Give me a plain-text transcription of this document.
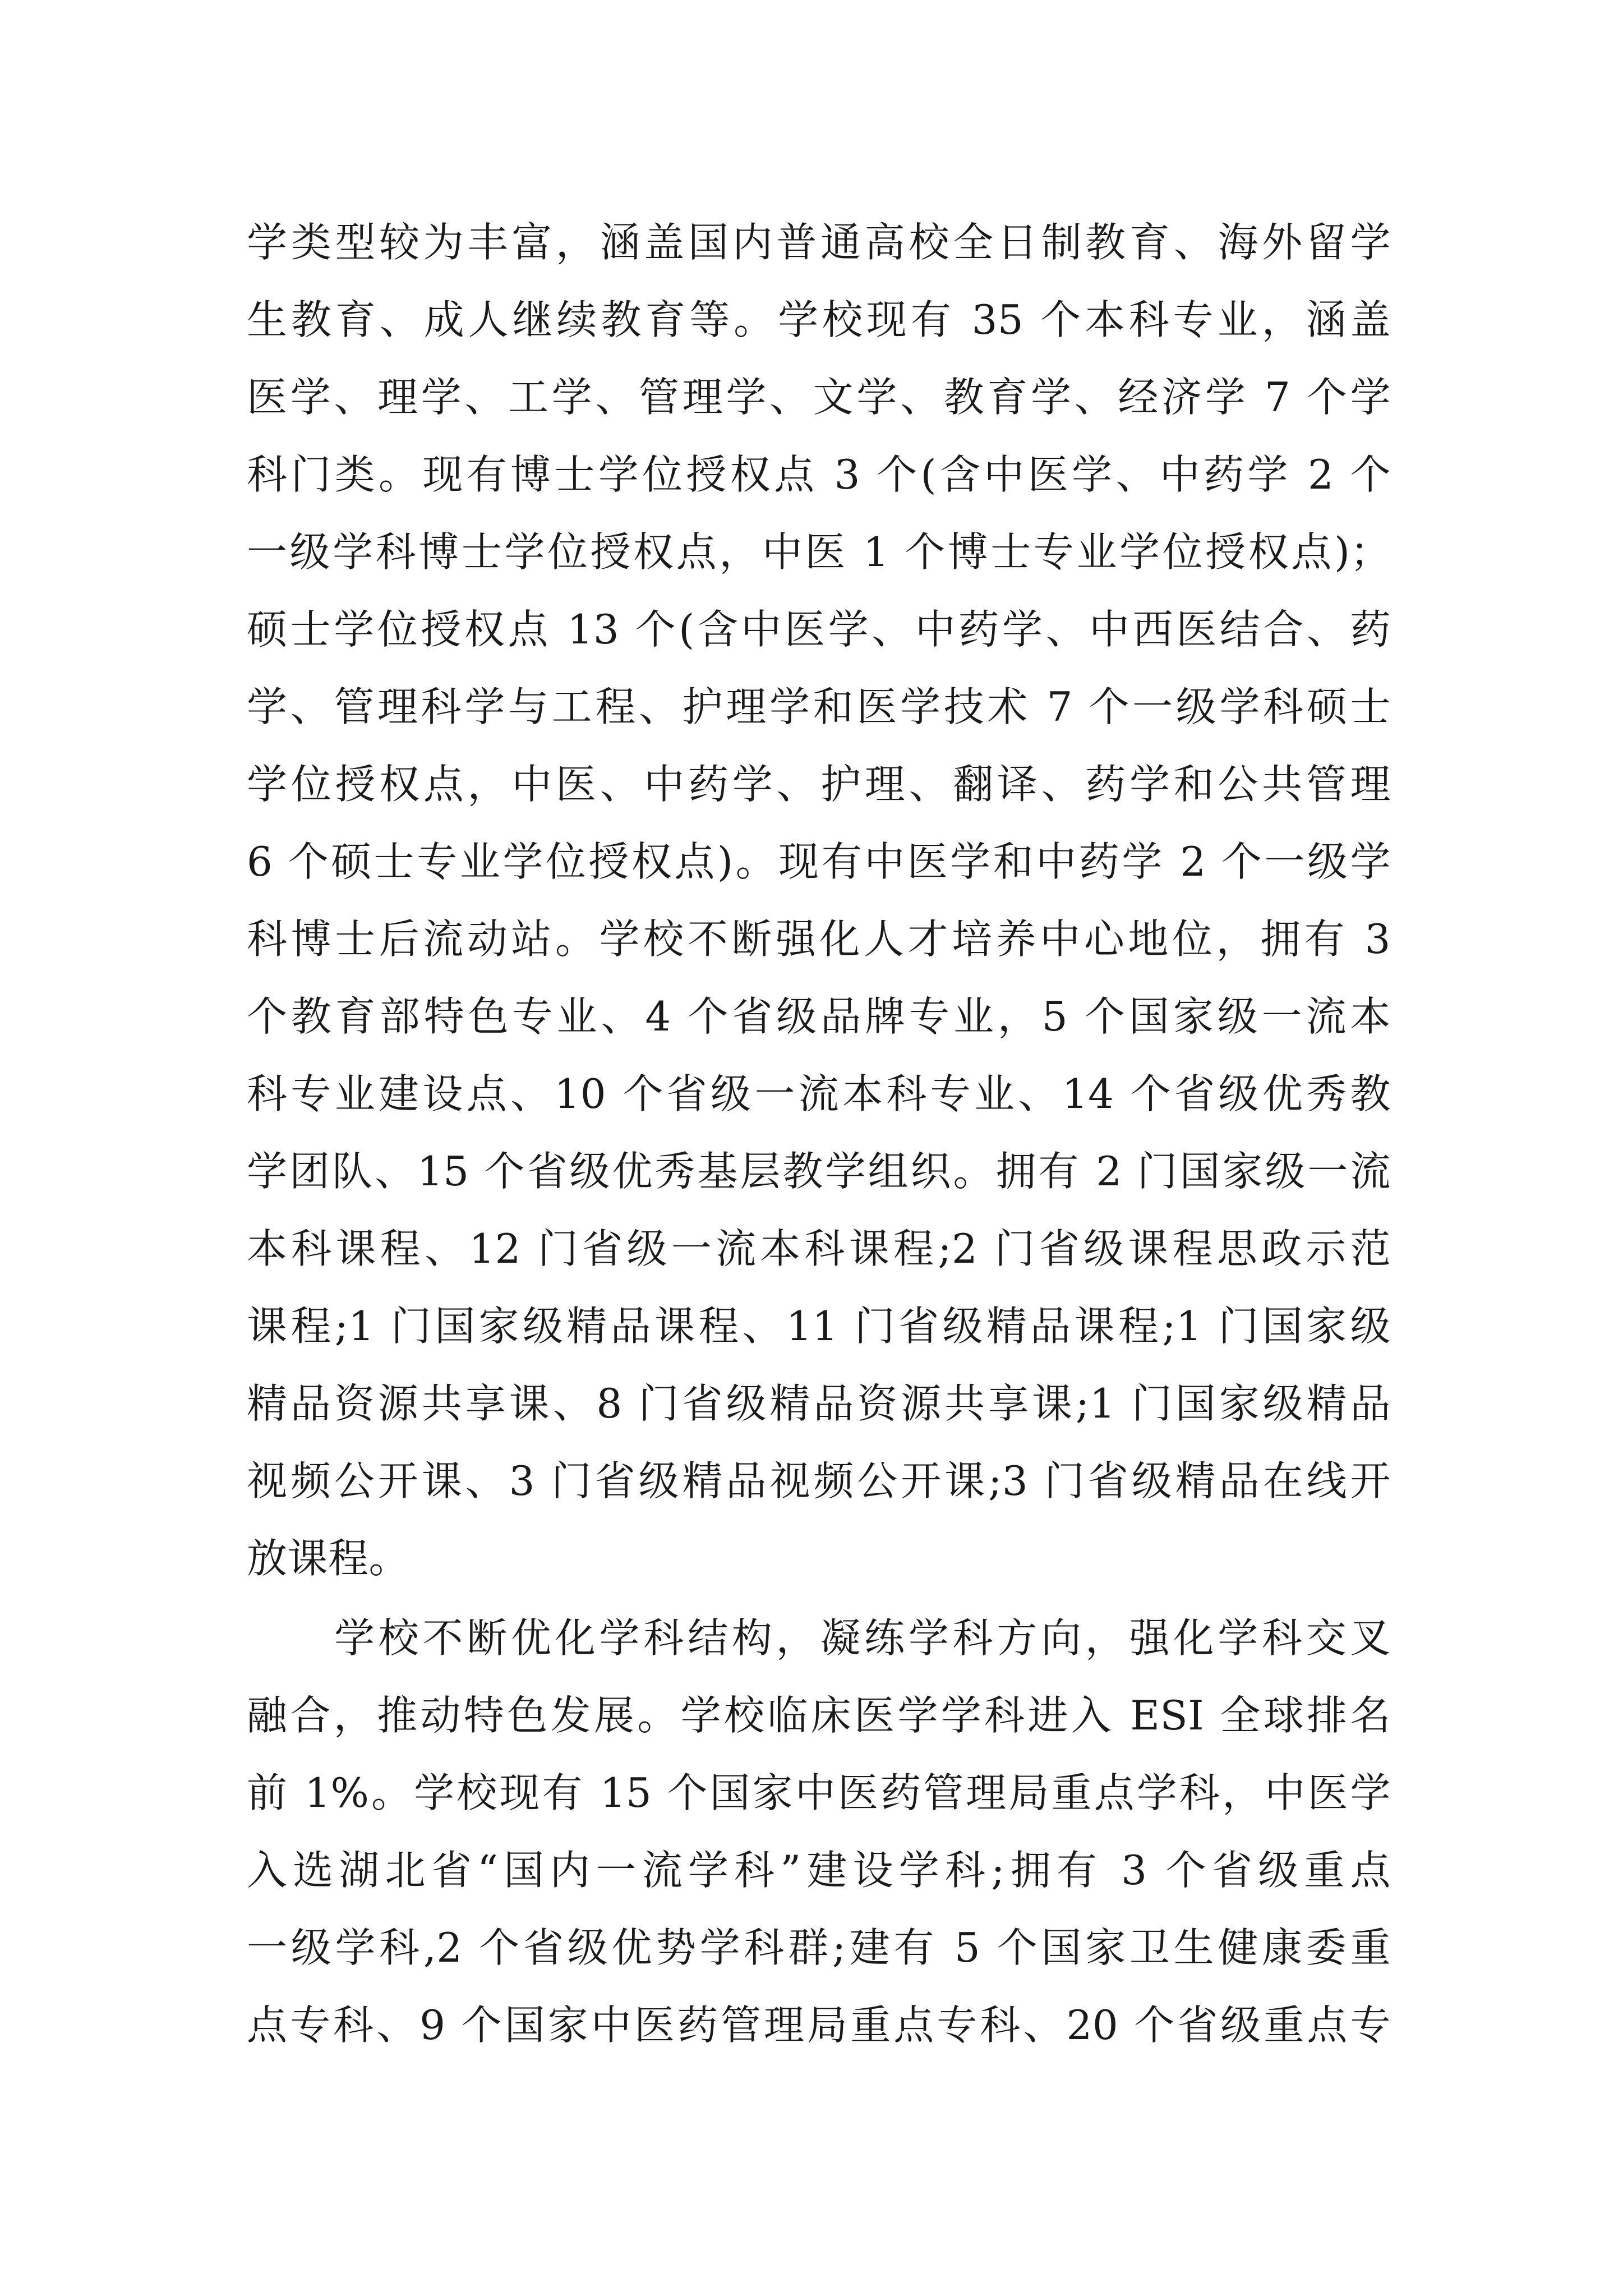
学类型较为丰富，涵盖国内普通高校全日制教育、海外留学

生教育、成人继续教育等。学校现有 35 个本科专业，涵盖

医学、理学、工学、管理学、文学、教育学、经济学 7 个学

科门类。现有博士学位授权点 3 个(含中医学、中药学 2 个

一级学科博士学位授权点，中医 1 个博士专业学位授权点)；

硕士学位授权点 13 个(含中医学、中药学、中西医结合、药

学、管理科学与工程、护理学和医学技术 7 个一级学科硕士

学位授权点，中医、中药学、护理、翻译、药学和公共管理

6 个硕士专业学位授权点)。现有中医学和中药学 2 个一级学

科博士后流动站。学校不断强化人才培养中心地位，拥有 3

个教育部特色专业、4 个省级品牌专业，5 个国家级一流本

科专业建设点、10 个省级一流本科专业、14 个省级优秀教

学团队、15 个省级优秀基层教学组织。拥有 2 门国家级一流

本科课程、12 门省级一流本科课程;2 门省级课程思政示范

课程;1 门国家级精品课程、11 门省级精品课程;1 门国家级

精品资源共享课、8 门省级精品资源共享课;1 门国家级精品

视频公开课、3 门省级精品视频公开课;3 门省级精品在线开

放课程。

学校不断优化学科结构，凝练学科方向，强化学科交叉

融合，推动特色发展。学校临床医学学科进入 ESI 全球排名

前 1%。学校现有 15 个国家中医药管理局重点学科，中医学

入选湖北省“国内一流学科”建设学科;拥有 3 个省级重点

一级学科,2 个省级优势学科群;建有 5 个国家卫生健康委重

点专科、9 个国家中医药管理局重点专科、20 个省级重点专
